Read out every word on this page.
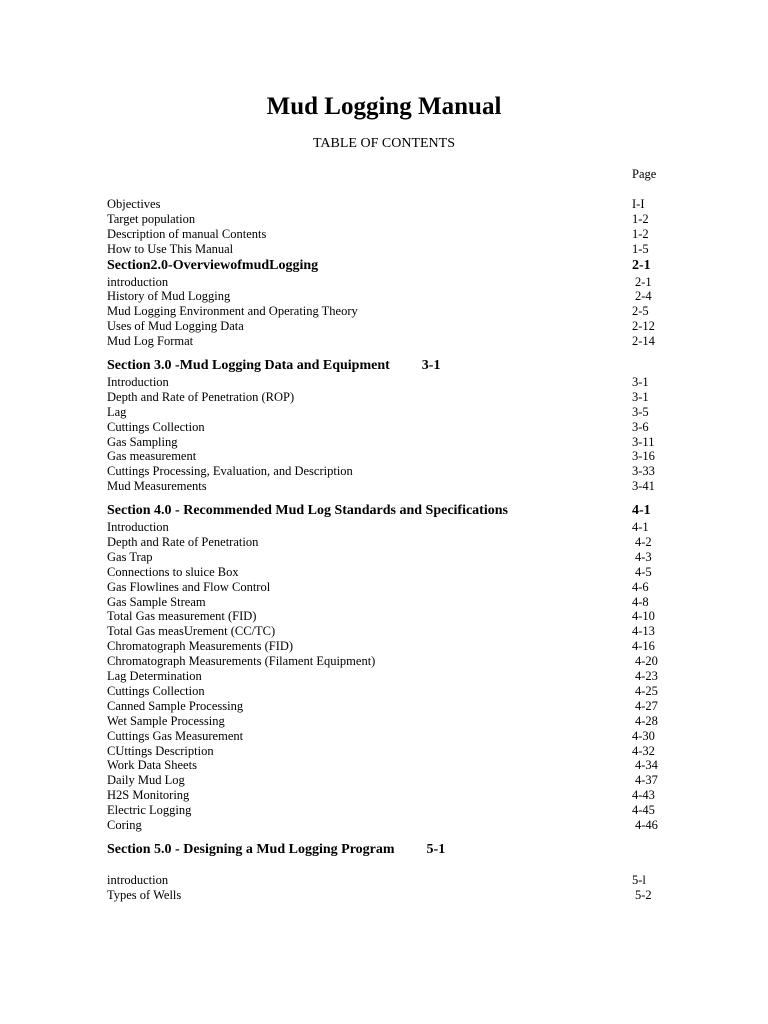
Mud Logging Manual
TABLE OF CONTENTS
Page
Objectives	I-I
Target population	1-2
Description of manual Contents	1-2
How to Use This Manual	1-5
Section2.0-OverviewofmudLogging	2-1
introduction	2-1
History of Mud Logging	2-4
Mud Logging Environment and Operating Theory	2-5
Uses of Mud Logging Data	2-12
Mud Log Format	2-14
Section 3.0 -Mud Logging Data and Equipment 3-1
Introduction	3-1
Depth and Rate of Penetration (ROP)	3-1
Lag	3-5
Cuttings Collection	3-6
Gas Sampling	3-11
Gas measurement	3-16
Cuttings Processing, Evaluation, and Description	3-33
Mud Measurements	3-41
Section 4.0 - Recommended Mud Log Standards and Specifications	4-1
Introduction	4-1
Depth and Rate of Penetration	4-2
Gas Trap	4-3
Connections to sluice Box	4-5
Gas Flowlines and Flow Control	4-6
Gas Sample Stream	4-8
Total Gas measurement (FID)	4-10
Total Gas measUrement (CC/TC)	4-13
Chromatograph Measurements (FID)	4-16
Chromatograph Measurements (Filament Equipment)	4-20
Lag Determination	4-23
Cuttings Collection	4-25
Canned Sample Processing	4-27
Wet Sample Processing	4-28
Cuttings Gas Measurement	4-30
CUttings Description	4-32
Work Data Sheets	4-34
Daily Mud Log	4-37
H2S Monitoring	4-43
Electric Logging	4-45
Coring	4-46
Section 5.0 - Designing a Mud Logging Program 5-1
introduction	5-l
Types of Wells	5-2
